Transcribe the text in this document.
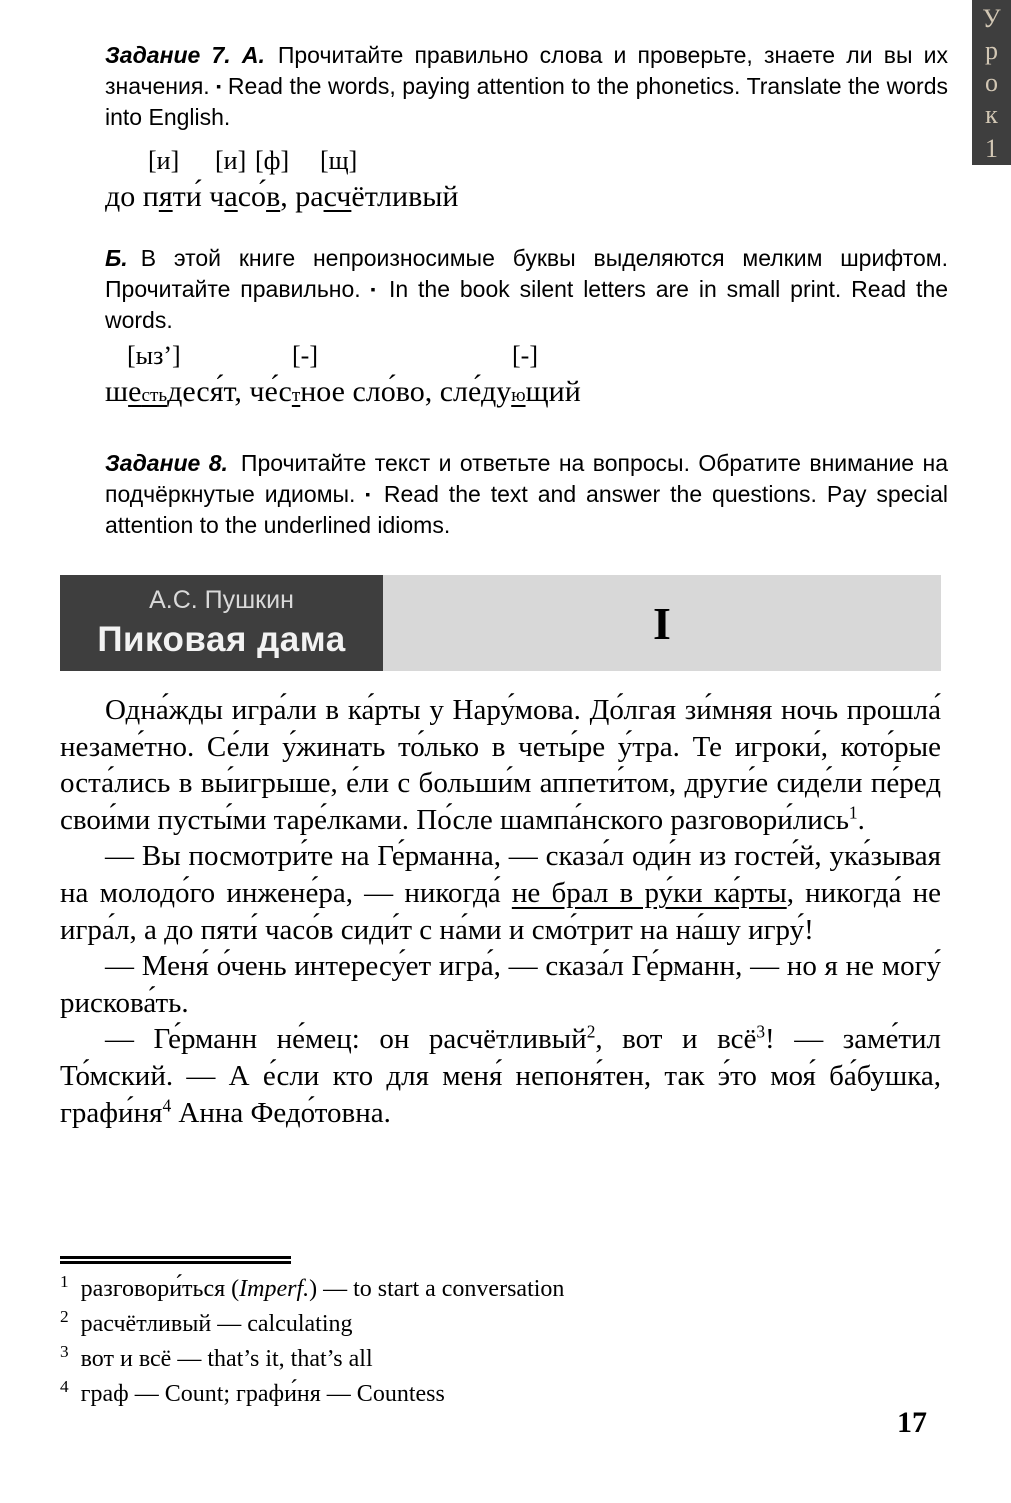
У
р
о
к
1

Задание 7. А. Прочитайте правильно слова и проверьте, знаете ли вы их значения. ▪ Read the words, paying attention to the phonetics. Translate the words into English.

[и] [и] [ф] [щ]
до пяти́ часо́в, расчётливый

Б. В этой книге непроизносимые буквы выделяются мелким шрифтом. Прочитайте правильно. ▪ In the book silent letters are in small print. Read the words.

[ыз’]	[-]	[-]
шестьдеся́т, че́стное сло́во, сле́дующий

Задание 8. Прочитайте текст и ответьте на вопросы. Обратите внимание на подчёркнутые идиомы. ▪ Read the text and answer the questions. Pay special attention to the underlined idioms.

А.С. Пушкин
Пиковая дама	I

Одна́жды игра́ли в ка́рты у Нару́мова. До́лгая зи́мняя ночь прошла́ незаме́тно. Се́ли у́жинать то́лько в четы́ре у́тра. Те игроки́, кото́рые оста́лись в вы́игрыше, е́ли с больши́м аппети́том, други́е сиде́ли пе́ред свои́ми пусты́ми таре́лками. По́сле шампа́нского разговори́лись$^1$.

— Вы посмотри́те на Ге́рманна, — сказа́л оди́н из госте́й, ука́зывая на молодо́го инжене́ра, — никогда́ не брал в ру́ки ка́рты, никогда́ не игра́л, а до пяти́ часо́в сиди́т с на́ми и смо́трит на на́шу игру́!

— Меня́ о́чень интересу́ет игра́, — сказа́л Ге́рманн, — но я не могу́ рискова́ть.

— Ге́рманн не́мец: он расчётливый$^2$, вот и всё$^3$! — заме́тил То́мский. — А е́сли кто для меня́ непоня́тен, так э́то моя́ ба́бушка, $графи́ня^4$ Анна Федо́товна.

$^1$ разговори́ться (Imperf.) — to start a conversation

$^2$ расчётливый — calculating

$^3$ вот и всё — that’s it, that’s all

$^4$ граф — Count; графи́ня — Countess

17
